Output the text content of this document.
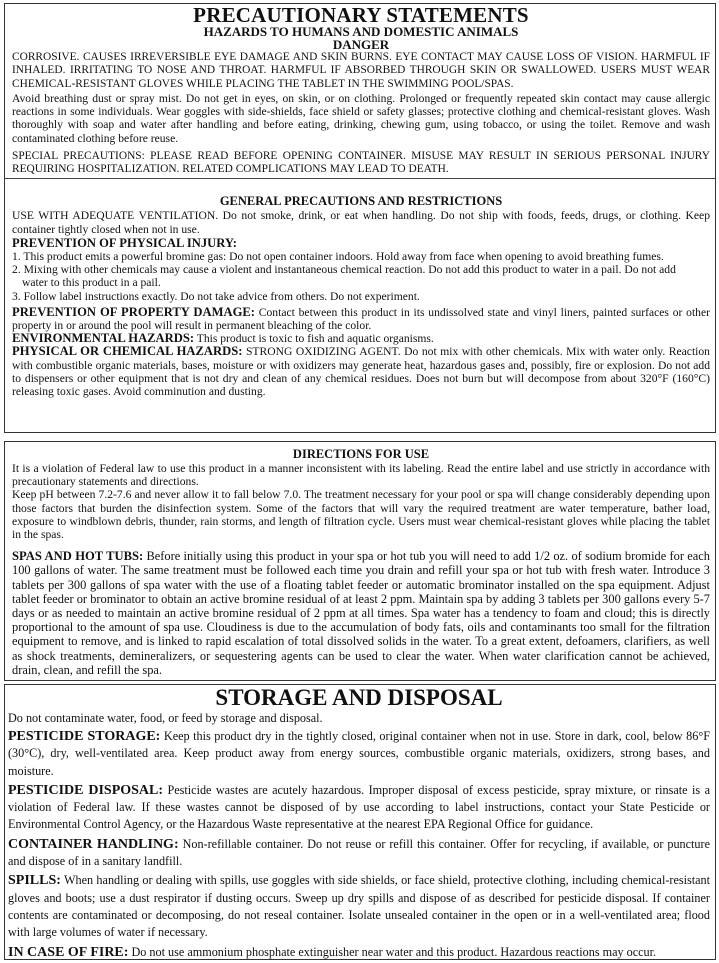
PRECAUTIONARY STATEMENTS
HAZARDS TO HUMANS AND DOMESTIC ANIMALS
DANGER

CORROSIVE. CAUSES IRREVERSIBLE EYE DAMAGE AND SKIN BURNS. EYE CONTACT MAY CAUSE LOSS OF VISION. HARMFUL IF INHALED. IRRITATING TO NOSE AND THROAT. HARMFUL IF ABSORBED THROUGH SKIN OR SWALLOWED. USERS MUST WEAR CHEMICAL-RESISTANT GLOVES WHILE PLACING THE TABLET IN THE SWIMMING POOL/SPAS.

Avoid breathing dust or spray mist. Do not get in eyes, on skin, or on clothing. Prolonged or frequently repeated skin contact may cause allergic reactions in some individuals. Wear goggles with side-shields, face shield or safety glasses; protective clothing and chemical-resistant gloves. Wash thoroughly with soap and water after handling and before eating, drinking, chewing gum, using tobacco, or using the toilet. Remove and wash contaminated clothing before reuse.

SPECIAL PRECAUTIONS: PLEASE READ BEFORE OPENING CONTAINER. MISUSE MAY RESULT IN SERIOUS PERSONAL INJURY REQUIRING HOSPITALIZATION. RELATED COMPLICATIONS MAY LEAD TO DEATH.

GENERAL PRECAUTIONS AND RESTRICTIONS

USE WITH ADEQUATE VENTILATION. Do not smoke, drink, or eat when handling. Do not ship with foods, feeds, drugs, or clothing. Keep container tightly closed when not in use.

PREVENTION OF PHYSICAL INJURY:

1. This product emits a powerful bromine gas: Do not open container indoors. Hold away from face when opening to avoid breathing fumes.

2. Mixing with other chemicals may cause a violent and instantaneous chemical reaction. Do not add this product to water in a pail. Do not add

water to this product in a pail.

3. Follow label instructions exactly. Do not take advice from others. Do not experiment.

PREVENTION OF PROPERTY DAMAGE: Contact between this product in its undissolved state and vinyl liners, painted surfaces or other property in or around the pool will result in permanent bleaching of the color.

ENVIRONMENTAL HAZARDS: This product is toxic to fish and aquatic organisms.

PHYSICAL OR CHEMICAL HAZARDS: STRONG OXIDIZING AGENT. Do not mix with other chemicals. Mix with water only. Reaction with combustible organic materials, bases, moisture or with oxidizers may generate heat, hazardous gases and, possibly, fire or explosion. Do not add to dispensers or other equipment that is not dry and clean of any chemical residues. Does not burn but will decompose from about 320°F (160°C) releasing toxic gases. Avoid comminution and dusting.

DIRECTIONS FOR USE

It is a violation of Federal law to use this product in a manner inconsistent with its labeling. Read the entire label and use strictly in accordance with precautionary statements and directions.

Keep pH between 7.2-7.6 and never allow it to fall below 7.0. The treatment necessary for your pool or spa will change considerably depending upon those factors that burden the disinfection system. Some of the factors that will vary the required treatment are water temperature, bather load, exposure to windblown debris, thunder, rain storms, and length of filtration cycle. Users must wear chemical-resistant gloves while placing the tablet in the spas.

SPAS AND HOT TUBS: Before initially using this product in your spa or hot tub you will need to add 1/2 oz. of sodium bromide for each 100 gallons of water. The same treatment must be followed each time you drain and refill your spa or hot tub with fresh water. Introduce 3 tablets per 300 gallons of spa water with the use of a floating tablet feeder or automatic brominator installed on the spa equipment. Adjust tablet feeder or brominator to obtain an active bromine residual of at least 2 ppm. Maintain spa by adding 3 tablets per 300 gallons every 5-7 days or as needed to maintain an active bromine residual of 2 ppm at all times. Spa water has a tendency to foam and cloud; this is directly proportional to the amount of spa use. Cloudiness is due to the accumulation of body fats, oils and contaminants too small for the filtration equipment to remove, and is linked to rapid escalation of total dissolved solids in the water. To a great extent, defoamers, clarifiers, as well as shock treatments, demineralizers, or sequestering agents can be used to clear the water. When water clarification cannot be achieved, drain, clean, and refill the spa.

STORAGE AND DISPOSAL

Do not contaminate water, food, or feed by storage and disposal.

PESTICIDE STORAGE: Keep this product dry in the tightly closed, original container when not in use. Store in dark, cool, below 86°F (30°C), dry, well-ventilated area. Keep product away from energy sources, combustible organic materials, oxidizers, strong bases, and moisture.

PESTICIDE DISPOSAL: Pesticide wastes are acutely hazardous. Improper disposal of excess pesticide, spray mixture, or rinsate is a violation of Federal law. If these wastes cannot be disposed of by use according to label instructions, contact your State Pesticide or Environmental Control Agency, or the Hazardous Waste representative at the nearest EPA Regional Office for guidance.

CONTAINER HANDLING: Non-refillable container. Do not reuse or refill this container. Offer for recycling, if available, or puncture and dispose of in a sanitary landfill.

SPILLS: When handling or dealing with spills, use goggles with side shields, or face shield, protective clothing, including chemical-resistant gloves and boots; use a dust respirator if dusting occurs. Sweep up dry spills and dispose of as described for pesticide disposal. If container contents are contaminated or decomposing, do not reseal container. Isolate unsealed container in the open or in a well-ventilated area; flood with large volumes of water if necessary.

IN CASE OF FIRE: Do not use ammonium phosphate extinguisher near water and this product. Hazardous reactions may occur.
